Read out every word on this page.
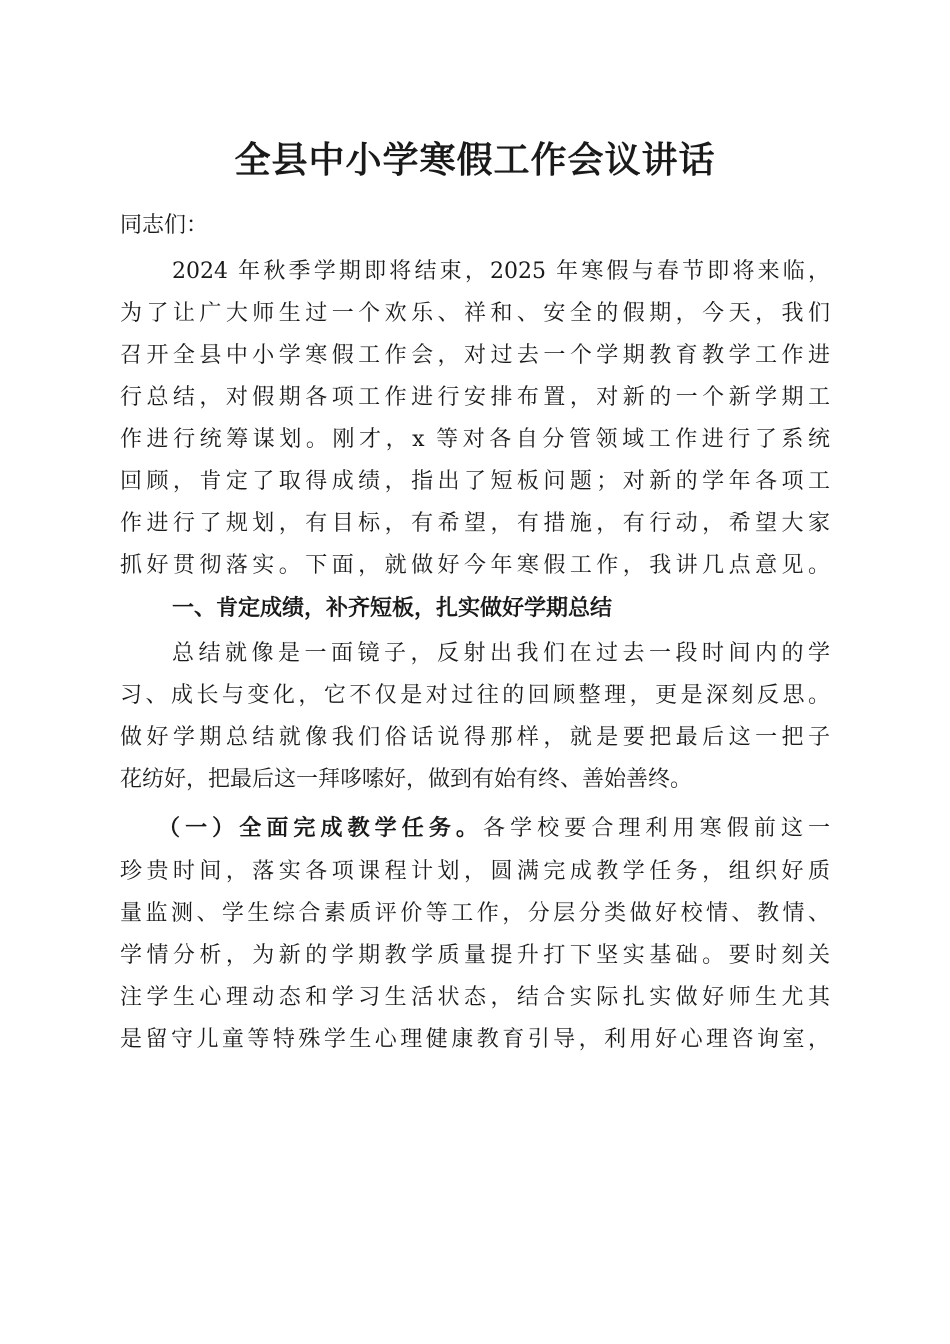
全县中小学寒假工作会议讲话
同志们：
2024 年秋季学期即将结束，2025 年寒假与春节即将来临，
为了让广大师生过一个欢乐、祥和、安全的假期，今天，我们
召开全县中小学寒假工作会，对过去一个学期教育教学工作进
行总结，对假期各项工作进行安排布置，对新的一个新学期工
作进行统筹谋划。刚才，x 等对各自分管领域工作进行了系统
回顾，肯定了取得成绩，指出了短板问题；对新的学年各项工
作进行了规划，有目标，有希望，有措施，有行动，希望大家
抓好贯彻落实。下面，就做好今年寒假工作，我讲几点意见。
一、肯定成绩，补齐短板，扎实做好学期总结
总结就像是一面镜子，反射出我们在过去一段时间内的学
习、成长与变化，它不仅是对过往的回顾整理，更是深刻反思。
做好学期总结就像我们俗话说得那样，就是要把最后这一把子
花纺好，把最后这一拜哆嗦好，做到有始有终、善始善终。
（一）全面完成教学任务。各学校要合理利用寒假前这一
珍贵时间，落实各项课程计划，圆满完成教学任务，组织好质
量监测、学生综合素质评价等工作，分层分类做好校情、教情、
学情分析，为新的学期教学质量提升打下坚实基础。要时刻关
注学生心理动态和学习生活状态，结合实际扎实做好师生尤其
是留守儿童等特殊学生心理健康教育引导，利用好心理咨询室，
